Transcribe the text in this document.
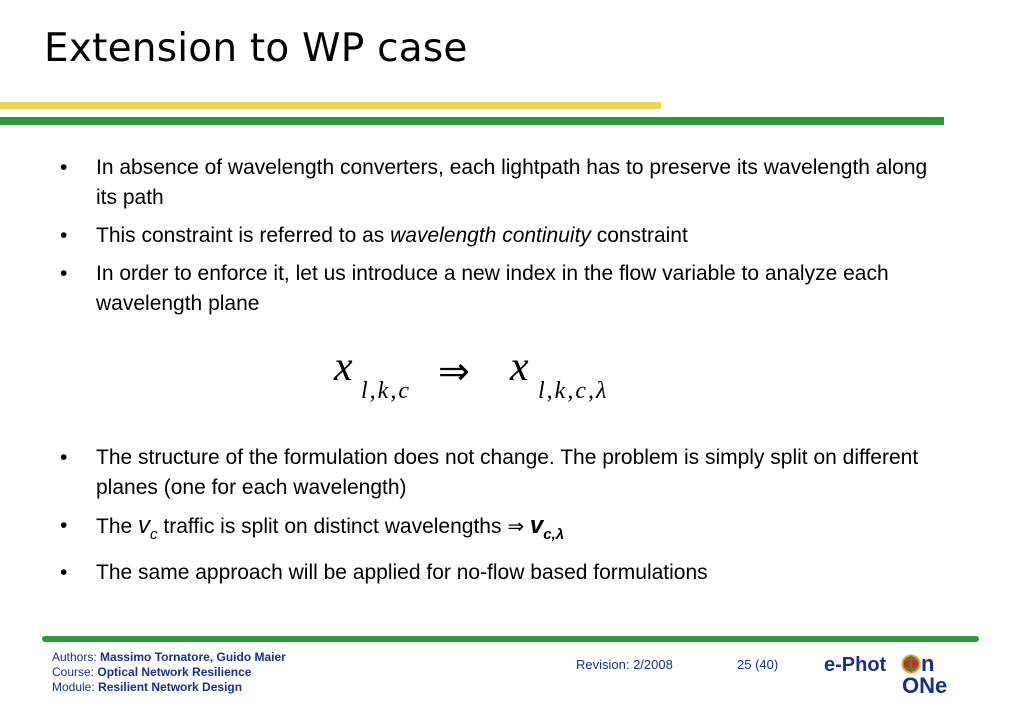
Extension to WP case
• In absence of wavelength converters, each lightpath has to preserve its wavelength along its path
• This constraint is referred to as wavelength continuity constraint
• In order to enforce it, let us introduce a new index in the flow variable to analyze each wavelength plane
x
l,k,c ⇒ x
l,k,c,λ
• The structure of the formulation does not change. The problem is simply split on different planes (one for each wavelength)
• The $v_c$ traffic is split on distinct wavelengths ⇒ $v_{c,\lambda}$
• The same approach will be applied for no-flow based formulations
Authors: Massimo Tornatore, Guido Maier
Course: Optical Network Resilience
Module: Resilient Network Design
Revision: 2/2008	25 (40) e-Phot n
ONe
